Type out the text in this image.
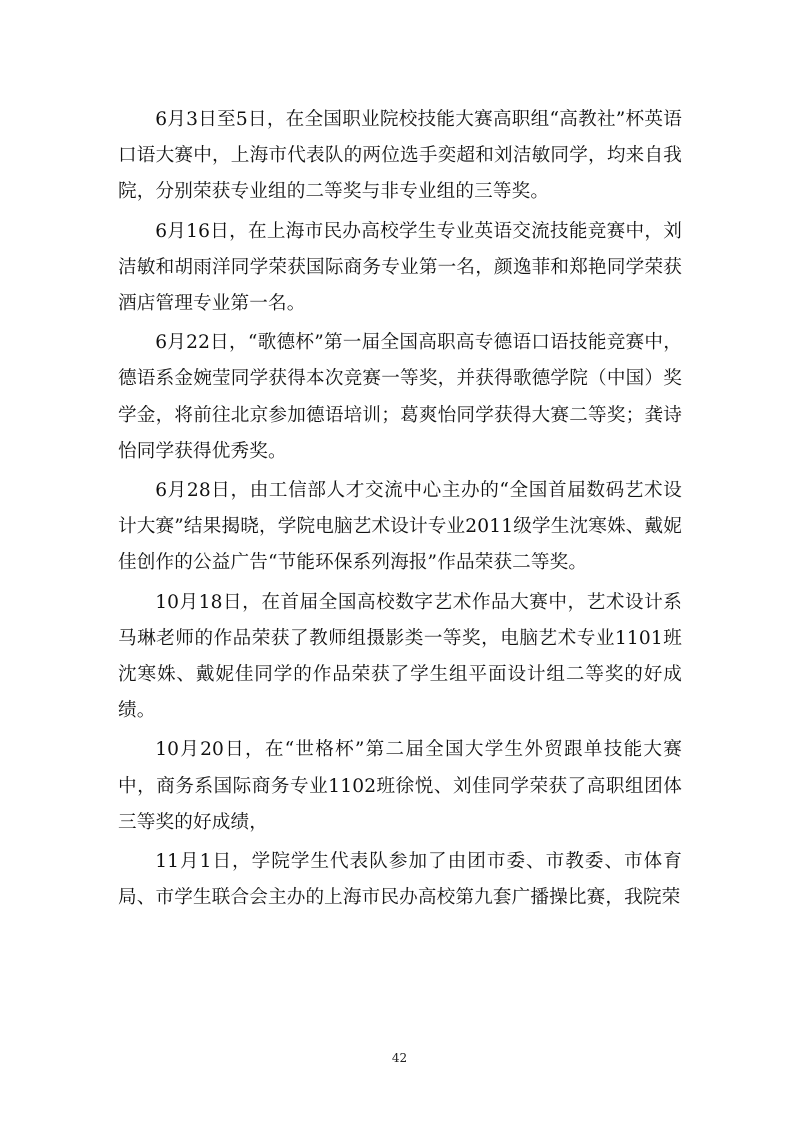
6月3日至5日，在全国职业院校技能大赛高职组“高教社”杯英语口语大赛中，上海市代表队的两位选手奕超和刘洁敏同学，均来自我院，分别荣获专业组的二等奖与非专业组的三等奖。

6月16日，在上海市民办高校学生专业英语交流技能竞赛中，刘洁敏和胡雨洋同学荣获国际商务专业第一名，颜逸菲和郑艳同学荣获酒店管理专业第一名。

6月22日，“歌德杯”第一届全国高职高专德语口语技能竞赛中，德语系金婉莹同学获得本次竞赛一等奖，并获得歌德学院（中国）奖学金，将前往北京参加德语培训；葛爽怡同学获得大赛二等奖；龚诗怡同学获得优秀奖。

6月28日，由工信部人才交流中心主办的“全国首届数码艺术设计大赛”结果揭晓，学院电脑艺术设计专业2011级学生沈寒姝、戴妮佳创作的公益广告“节能环保系列海报”作品荣获二等奖。

10月18日，在首届全国高校数字艺术作品大赛中，艺术设计系马琳老师的作品荣获了教师组摄影类一等奖，电脑艺术专业1101班沈寒姝、戴妮佳同学的作品荣获了学生组平面设计组二等奖的好成绩。

10月20日，在“世格杯”第二届全国大学生外贸跟单技能大赛中，商务系国际商务专业1102班徐悦、刘佳同学荣获了高职组团体三等奖的好成绩，

11月1日，学院学生代表队参加了由团市委、市教委、市体育局、市学生联合会主办的上海市民办高校第九套广播操比赛，我院荣

42
